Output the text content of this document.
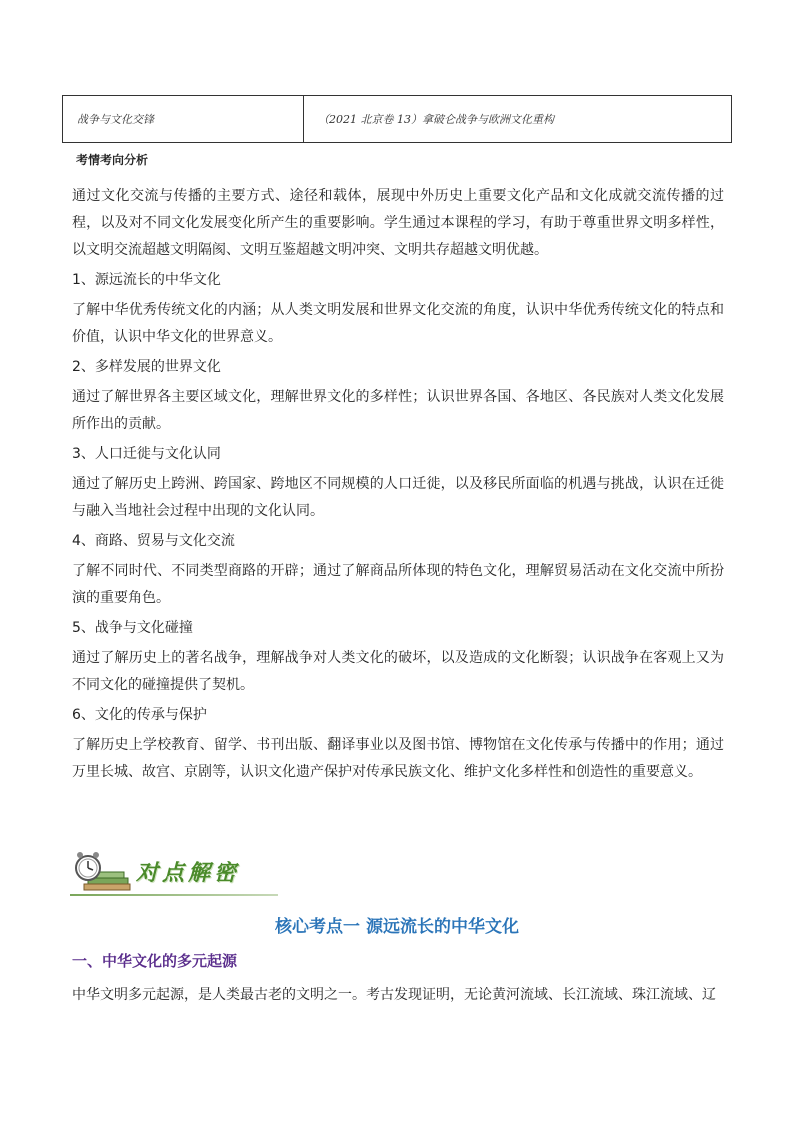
战争与文化交锋	（2021 北京卷 13）拿破仑战争与欧洲文化重构
考情考向分析

通过文化交流与传播的主要方式、途径和载体，展现中外历史上重要文化产品和文化成就交流传播的过程，以及对不同文化发展变化所产生的重要影响。学生通过本课程的学习，有助于尊重世界文明多样性，以文明交流超越文明隔阂、文明互鉴超越文明冲突、文明共存超越文明优越。

1、源远流长的中华文化

了解中华优秀传统文化的内涵；从人类文明发展和世界文化交流的角度，认识中华优秀传统文化的特点和价值，认识中华文化的世界意义。

2、多样发展的世界文化

通过了解世界各主要区域文化，理解世界文化的多样性；认识世界各国、各地区、各民族对人类文化发展所作出的贡献。

3、人口迁徙与文化认同

通过了解历史上跨洲、跨国家、跨地区不同规模的人口迁徙，以及移民所面临的机遇与挑战，认识在迁徙与融入当地社会过程中出现的文化认同。

4、商路、贸易与文化交流

了解不同时代、不同类型商路的开辟；通过了解商品所体现的特色文化，理解贸易活动在文化交流中所扮演的重要角色。

5、战争与文化碰撞

通过了解历史上的著名战争，理解战争对人类文化的破坏，以及造成的文化断裂；认识战争在客观上又为不同文化的碰撞提供了契机。

6、文化的传承与保护

了解历史上学校教育、留学、书刊出版、翻译事业以及图书馆、博物馆在文化传承与传播中的作用；通过万里长城、故宫、京剧等，认识文化遗产保护对传承民族文化、维护文化多样性和创造性的重要意义。

对点解密
核心考点一 源远流长的中华文化
一、中华文化的多元起源
中华文明多元起源，是人类最古老的文明之一。考古发现证明，无论黄河流域、长江流域、珠江流域、辽
